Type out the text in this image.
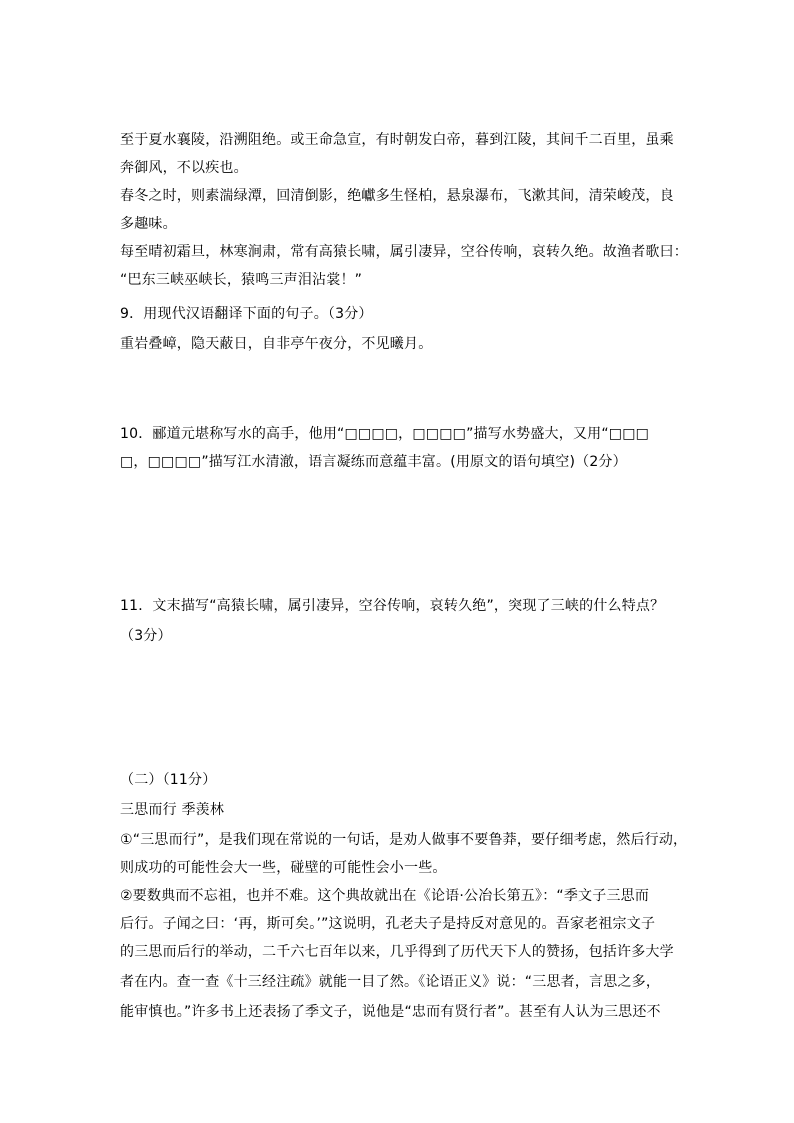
至于夏水襄陵，沿溯阻绝。或王命急宣，有时朝发白帝，暮到江陵，其间千二百里，虽乘
奔御风，不以疾也。
春冬之时，则素湍绿潭，回清倒影，绝巘多生怪柏，悬泉瀑布，飞漱其间，清荣峻茂，良
多趣味。
每至晴初霜旦，林寒涧肃，常有高猿长啸，属引凄异，空谷传响，哀转久绝。故渔者歌曰：
“巴东三峡巫峡长，猿鸣三声泪沾裳！”
9．用现代汉语翻译下面的句子。（3分）
重岩叠嶂，隐天蔽日，自非亭午夜分，不见曦月。
10．郦道元堪称写水的高手，他用“□□□□，□□□□”描写水势盛大，又用“□□□
□，□□□□”描写江水清澈，语言凝练而意蕴丰富。(用原文的语句填空)（2分）
11．文末描写“高猿长啸，属引凄异，空谷传响，哀转久绝”，突现了三峡的什么特点？
（3分）
（二）（11分）
三思而行 季羡林
①“三思而行”，是我们现在常说的一句话，是劝人做事不要鲁莽，要仔细考虑，然后行动，
则成功的可能性会大一些，碰壁的可能性会小一些。
②要数典而不忘祖，也并不难。这个典故就出在《论语·公冶长第五》：“季文子三思而
后行。子闻之曰：‘再，斯可矣。’”这说明，孔老夫子是持反对意见的。吾家老祖宗文子
的三思而后行的举动，二千六七百年以来，几乎得到了历代天下人的赞扬，包括许多大学
者在内。查一查《十三经注疏》就能一目了然。《论语正义》说：“三思者，言思之多，
能审慎也。”许多书上还表扬了季文子，说他是“忠而有贤行者”。甚至有人认为三思还不
